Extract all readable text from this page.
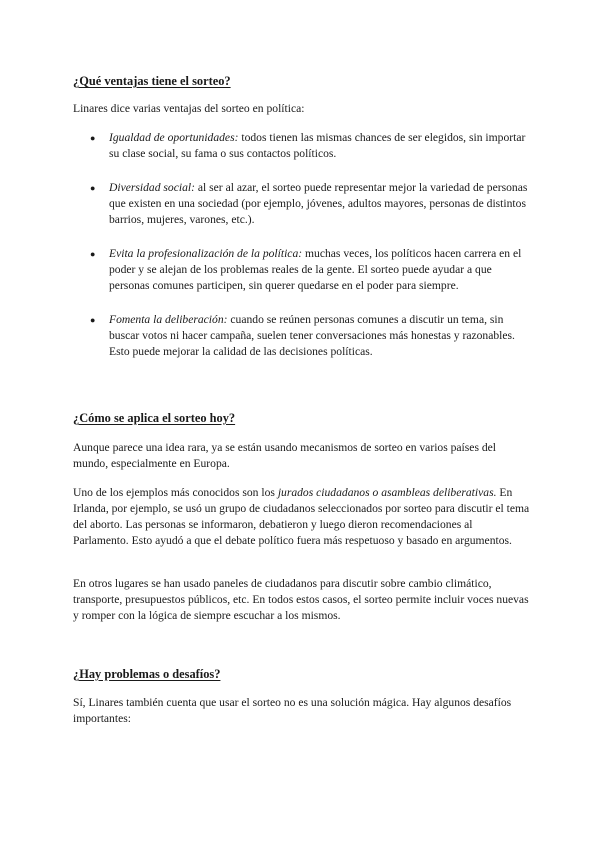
¿Qué ventajas tiene el sorteo?

Linares dice varias ventajas del sorteo en política:

● Igualdad de oportunidades: todos tienen las mismas chances de ser elegidos, sin importar su clase social, su fama o sus contactos políticos.
● Diversidad social: al ser al azar, el sorteo puede representar mejor la variedad de personas que existen en una sociedad (por ejemplo, jóvenes, adultos mayores, personas de distintos barrios, mujeres, varones, etc.).
● Evita la profesionalización de la política: muchas veces, los políticos hacen carrera en el poder y se alejan de los problemas reales de la gente. El sorteo puede ayudar a que personas comunes participen, sin querer quedarse en el poder para siempre.
● Fomenta la deliberación: cuando se reúnen personas comunes a discutir un tema, sin buscar votos ni hacer campaña, suelen tener conversaciones más honestas y razonables. Esto puede mejorar la calidad de las decisiones políticas.
¿Cómo se aplica el sorteo hoy?

Aunque parece una idea rara, ya se están usando mecanismos de sorteo en varios países del mundo, especialmente en Europa.

Uno de los ejemplos más conocidos son los jurados ciudadanos o asambleas deliberativas. En Irlanda, por ejemplo, se usó un grupo de ciudadanos seleccionados por sorteo para discutir el tema del aborto. Las personas se informaron, debatieron y luego dieron recomendaciones al Parlamento. Esto ayudó a que el debate político fuera más respetuoso y basado en argumentos.

En otros lugares se han usado paneles de ciudadanos para discutir sobre cambio climático, transporte, presupuestos públicos, etc. En todos estos casos, el sorteo permite incluir voces nuevas y romper con la lógica de siempre escuchar a los mismos.

¿Hay problemas o desafíos?

Sí, Linares también cuenta que usar el sorteo no es una solución mágica. Hay algunos desafíos importantes:
